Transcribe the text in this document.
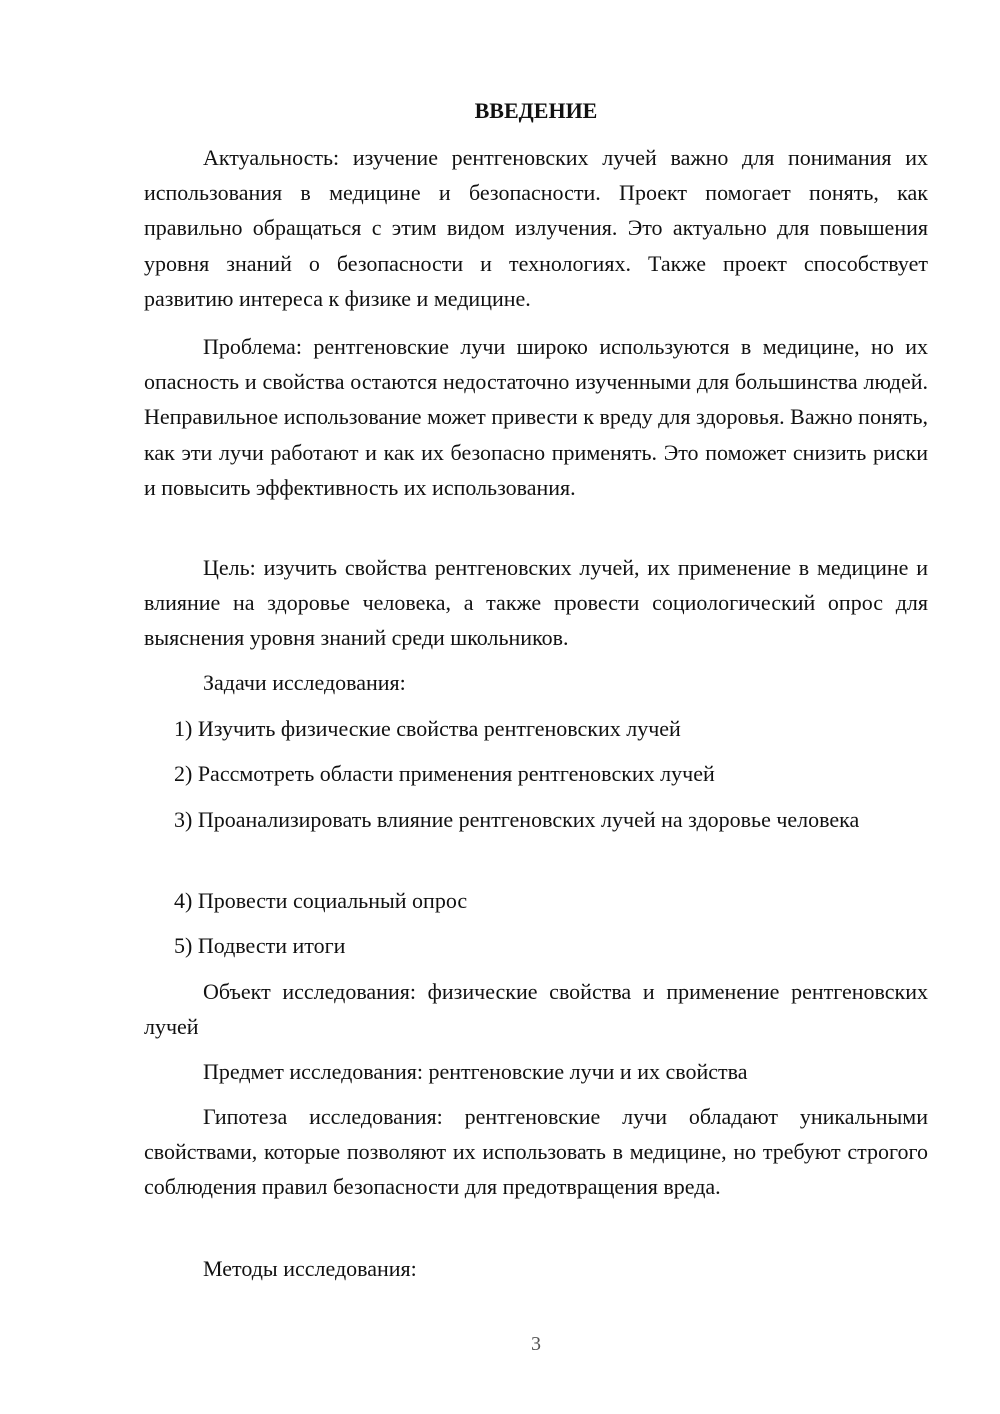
ВВЕДЕНИЕ

Актуальность: изучение рентгеновских лучей важно для понимания их использования в медицине и безопасности. Проект помогает понять, как правильно обращаться с этим видом излучения. Это актуально для повышения уровня знаний о безопасности и технологиях. Также проект способствует развитию интереса к физике и медицине.

Проблема: рентгеновские лучи широко используются в медицине, но их опасность и свойства остаются недостаточно изученными для большинства людей. Неправильное использование может привести к вреду для здоровья. Важно понять, как эти лучи работают и как их безопасно применять. Это поможет снизить риски и повысить эффективность их использования.

Цель: изучить свойства рентгеновских лучей, их применение в медицине и влияние на здоровье человека, а также провести социологический опрос для выяснения уровня знаний среди школьников.

Задачи исследования:

1) Изучить физические свойства рентгеновских лучей

2) Рассмотреть области применения рентгеновских лучей

3) Проанализировать влияние рентгеновских лучей на здоровье человека

4) Провести социальный опрос

5) Подвести итоги

Объект исследования: физические свойства и применение рентгеновских лучей

Предмет исследования: рентгеновские лучи и их свойства

Гипотеза исследования: рентгеновские лучи обладают уникальными свойствами, которые позволяют их использовать в медицине, но требуют строгого соблюдения правил безопасности для предотвращения вреда.

Методы исследования:

3
